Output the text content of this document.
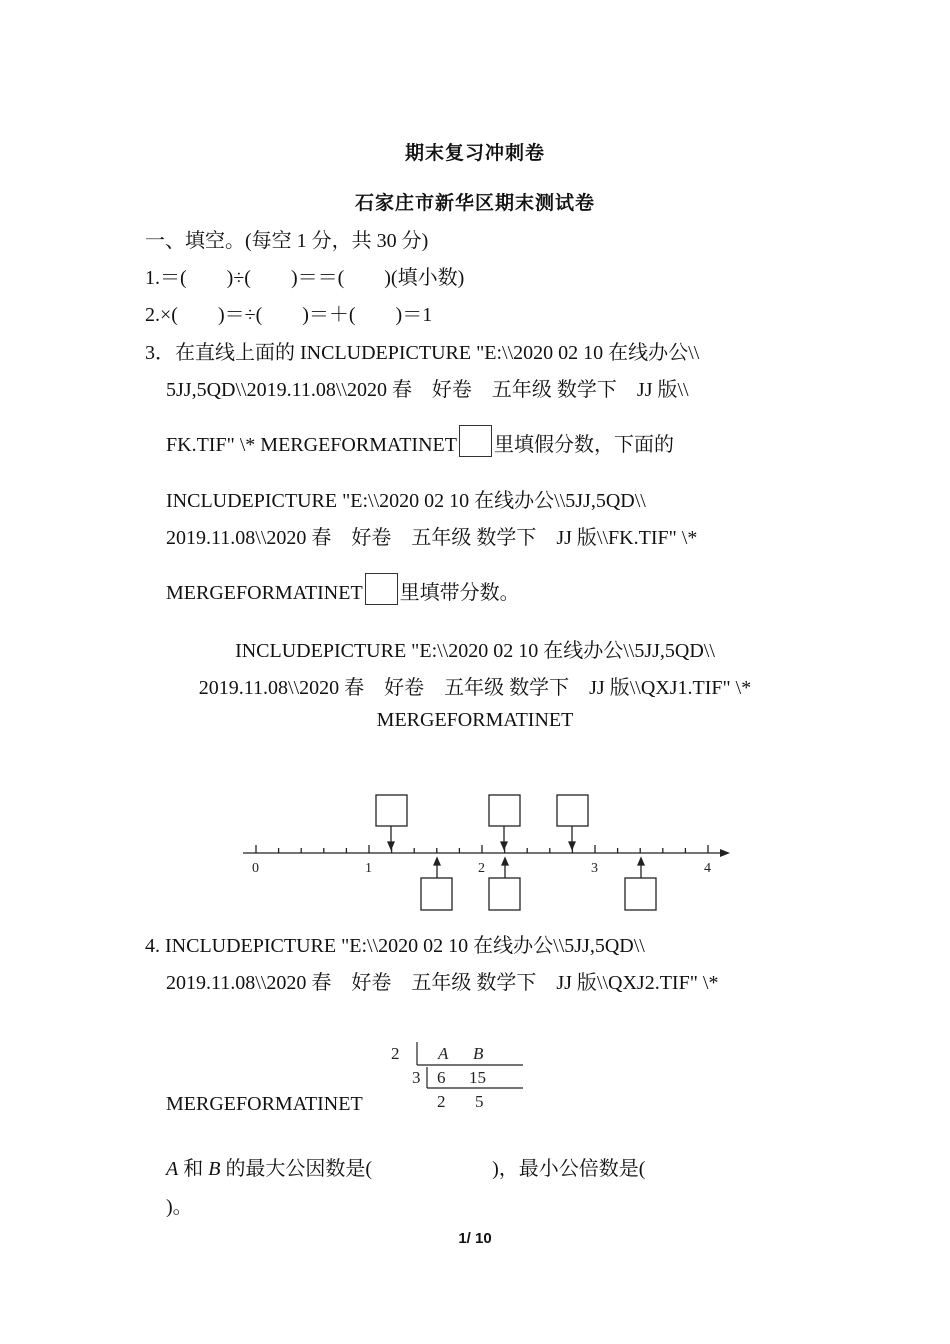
期末复习冲刺卷
石家庄市新华区期末测试卷
一、填空。(每空 1 分，共 30 分)
1.＝(　　)÷(　　)＝＝(　　)(填小数)
2.×(　　)＝÷(　　)＝＋(　　)＝1
3．在直线上面的 INCLUDEPICTURE "E:\\2020 02 10 在线办公\\
5JJ,5QD\\2019.11.08\\2020 春　好卷　五年级 数学下　JJ 版\\
FK.TIF" \* MERGEFORMATINET 里填假分数，下面的
INCLUDEPICTURE "E:\\2020 02 10 在线办公\\5JJ,5QD\\
2019.11.08\\2020 春　好卷　五年级 数学下　JJ 版\\FK.TIF" \*
MERGEFORMATINET 里填带分数。
INCLUDEPICTURE "E:\\2020 02 10 在线办公\\5JJ,5QD\\
2019.11.08\\2020 春　好卷　五年级 数学下　JJ 版\\QXJ1.TIF" \*
MERGEFORMATINET
0	1	2	3	4
4. INCLUDEPICTURE "E:\\2020 02 10 在线办公\\5JJ,5QD\\
2019.11.08\\2020 春　好卷　五年级 数学下　JJ 版\\QXJ2.TIF" \*
MERGEFORMATINET
2
3
A B
6 15
2 5
A 和 B 的最大公因数是(　　　　　　)，最小公倍数是(
)。
1/ 10
